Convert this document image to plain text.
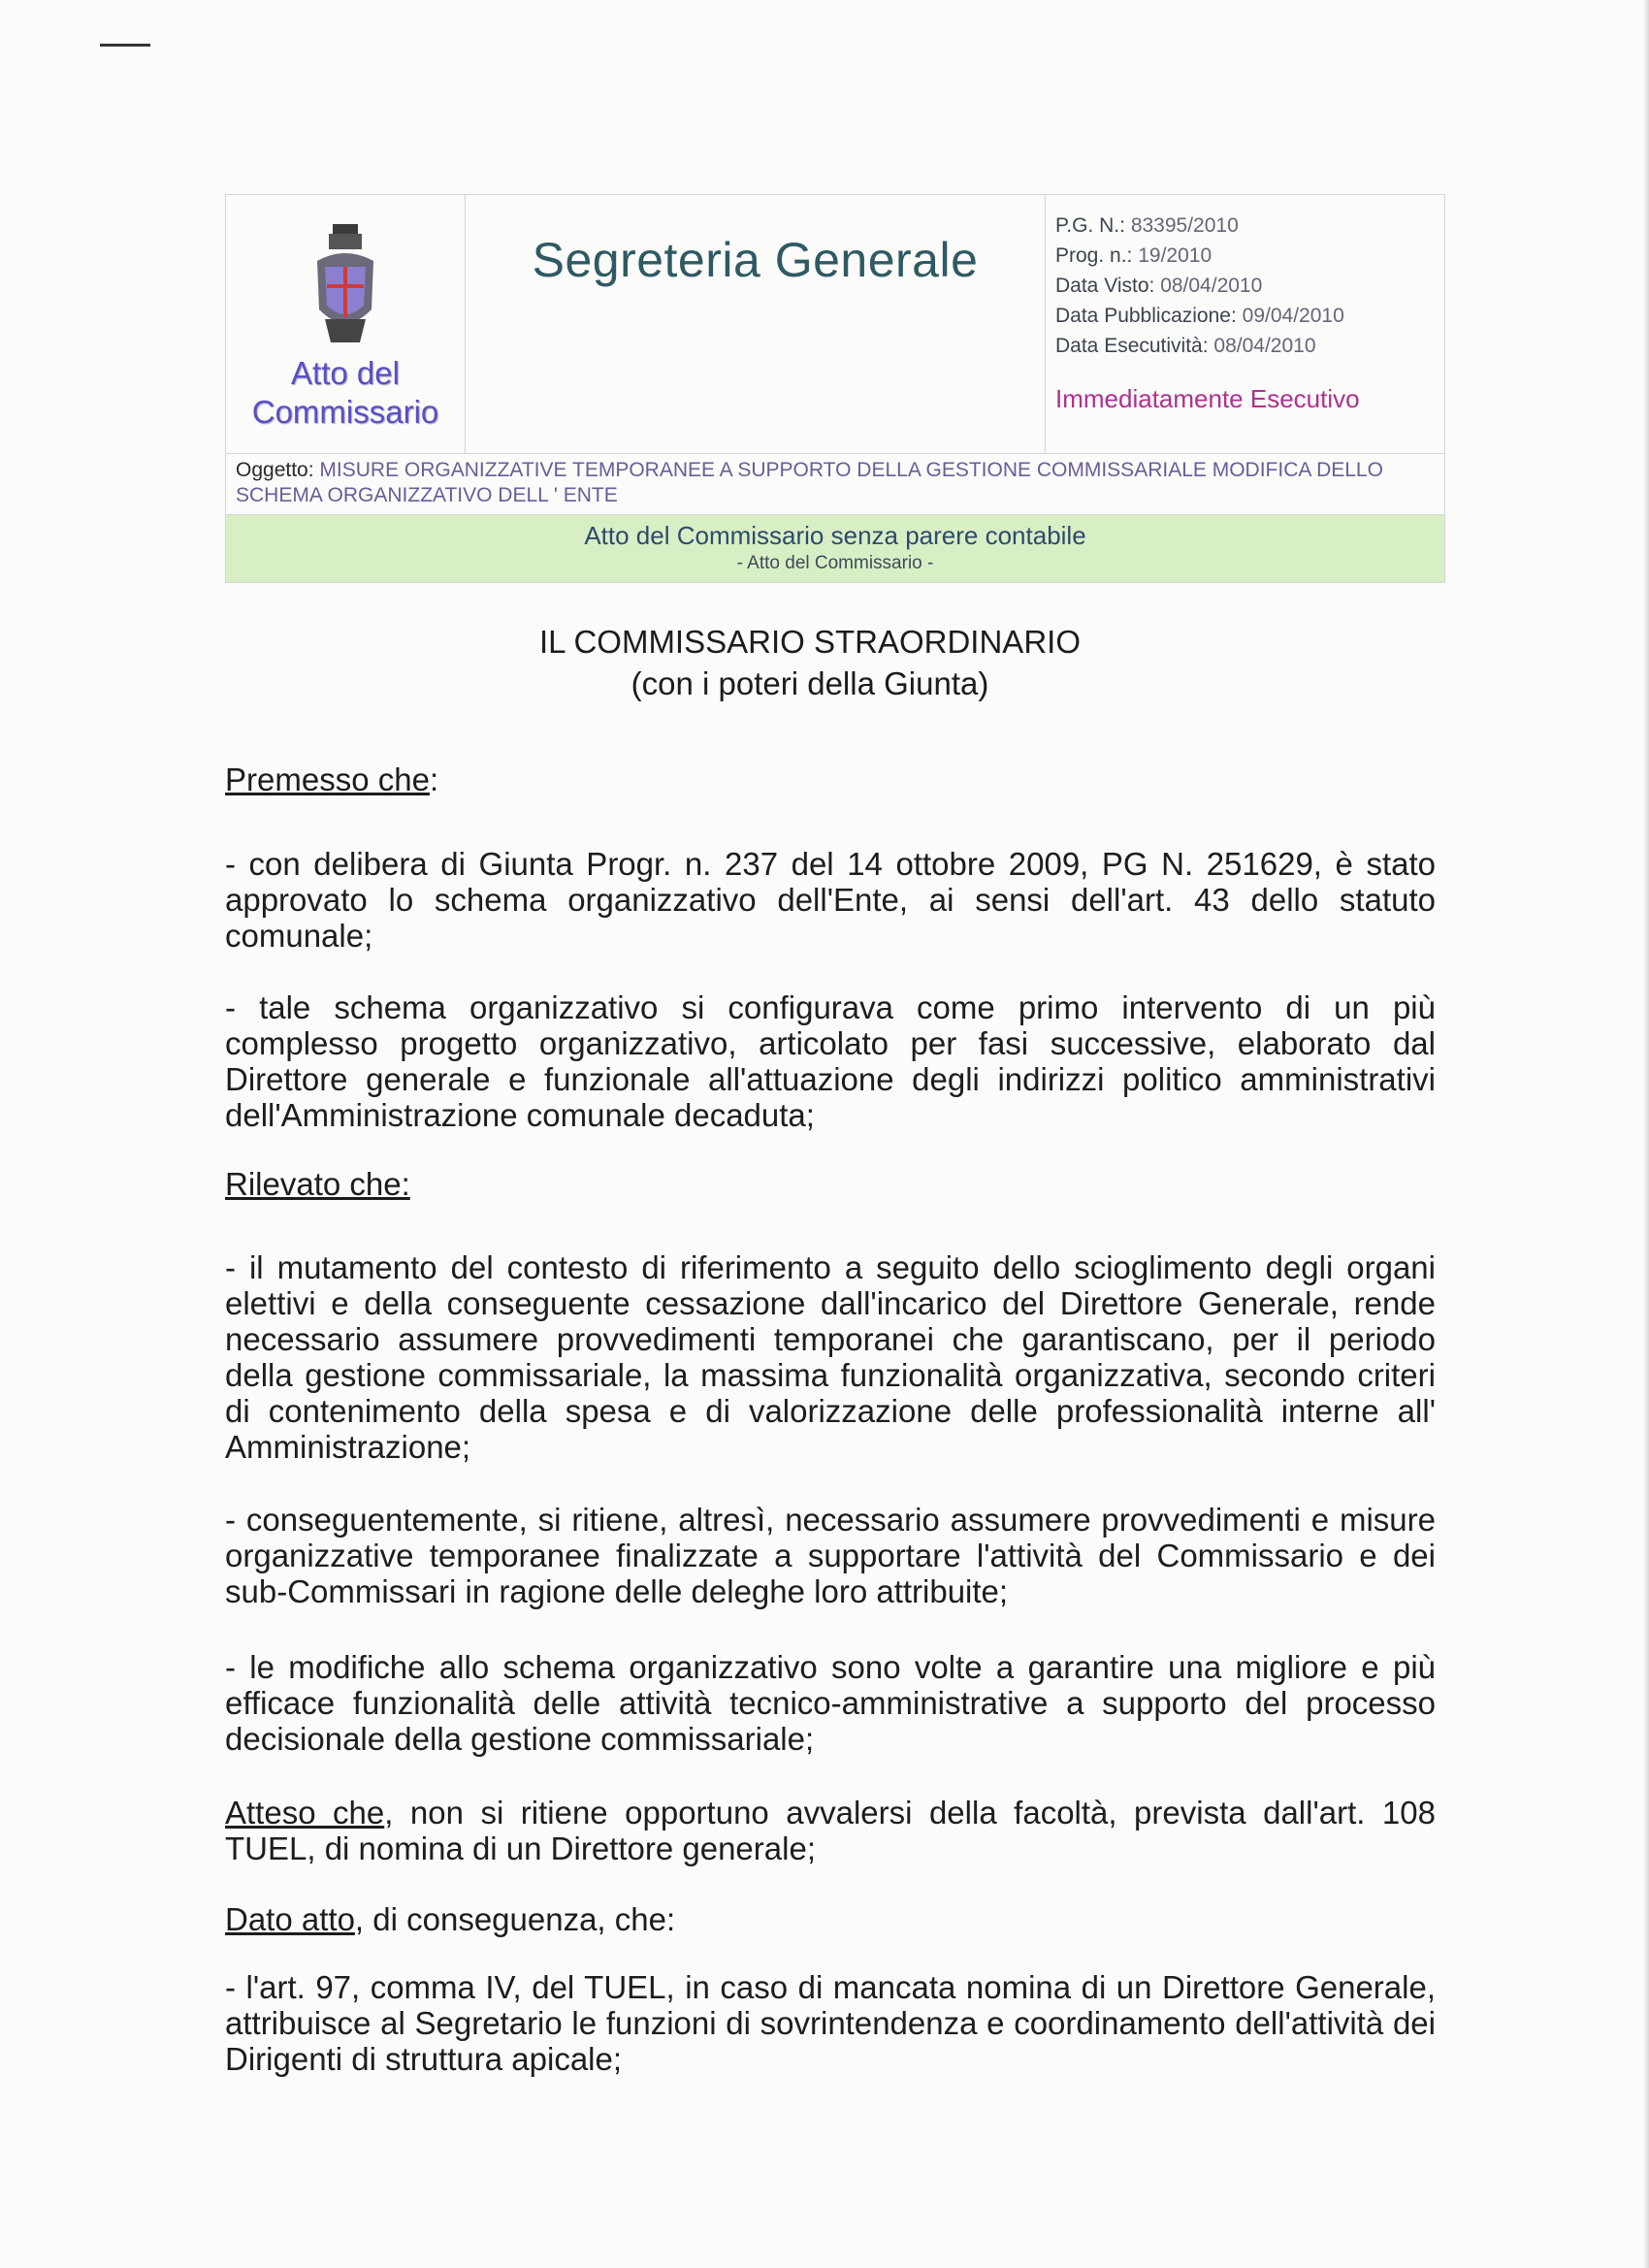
Atto del
Commissario
Segreteria Generale
P.G. N.: 83395/2010
Prog. n.: 19/2010
Data Visto: 08/04/2010
Data Pubblicazione: 09/04/2010
Data Esecutività: 08/04/2010
Immediatamente Esecutivo
Oggetto: MISURE ORGANIZZATIVE TEMPORANEE A SUPPORTO DELLA GESTIONE COMMISSARIALE MODIFICA DELLO SCHEMA ORGANIZZATIVO DELL ' ENTE
Atto del Commissario senza parere contabile
- Atto del Commissario -
IL COMMISSARIO STRAORDINARIO
(con i poteri della Giunta)
Premesso che:

- con delibera di Giunta Progr. n. 237 del 14 ottobre 2009, PG N. 251629, è stato approvato lo schema organizzativo dell'Ente, ai sensi dell'art. 43 dello statuto comunale;

- tale schema organizzativo si configurava come primo intervento di un più complesso progetto organizzativo, articolato per fasi successive, elaborato dal Direttore generale e funzionale all'attuazione degli indirizzi politico amministrativi dell'Amministrazione comunale decaduta;

Rilevato che:

- il mutamento del contesto di riferimento a seguito dello scioglimento degli organi elettivi e della conseguente cessazione dall'incarico del Direttore Generale, rende necessario assumere provvedimenti temporanei che garantiscano, per il periodo della gestione commissariale, la massima funzionalità organizzativa, secondo criteri di contenimento della spesa e di valorizzazione delle professionalità interne all' Amministrazione;

- conseguentemente, si ritiene, altresì, necessario assumere provvedimenti e misure organizzative temporanee finalizzate a supportare l'attività del Commissario e dei sub-Commissari in ragione delle deleghe loro attribuite;

- le modifiche allo schema organizzativo sono volte a garantire una migliore e più efficace funzionalità delle attività tecnico-amministrative a supporto del processo decisionale della gestione commissariale;

Atteso che, non si ritiene opportuno avvalersi della facoltà, prevista dall'art. 108 TUEL, di nomina di un Direttore generale;

Dato atto, di conseguenza, che:

- l'art. 97, comma IV, del TUEL, in caso di mancata nomina di un Direttore Generale, attribuisce al Segretario le funzioni di sovrintendenza e coordinamento dell'attività dei Dirigenti di struttura apicale;
